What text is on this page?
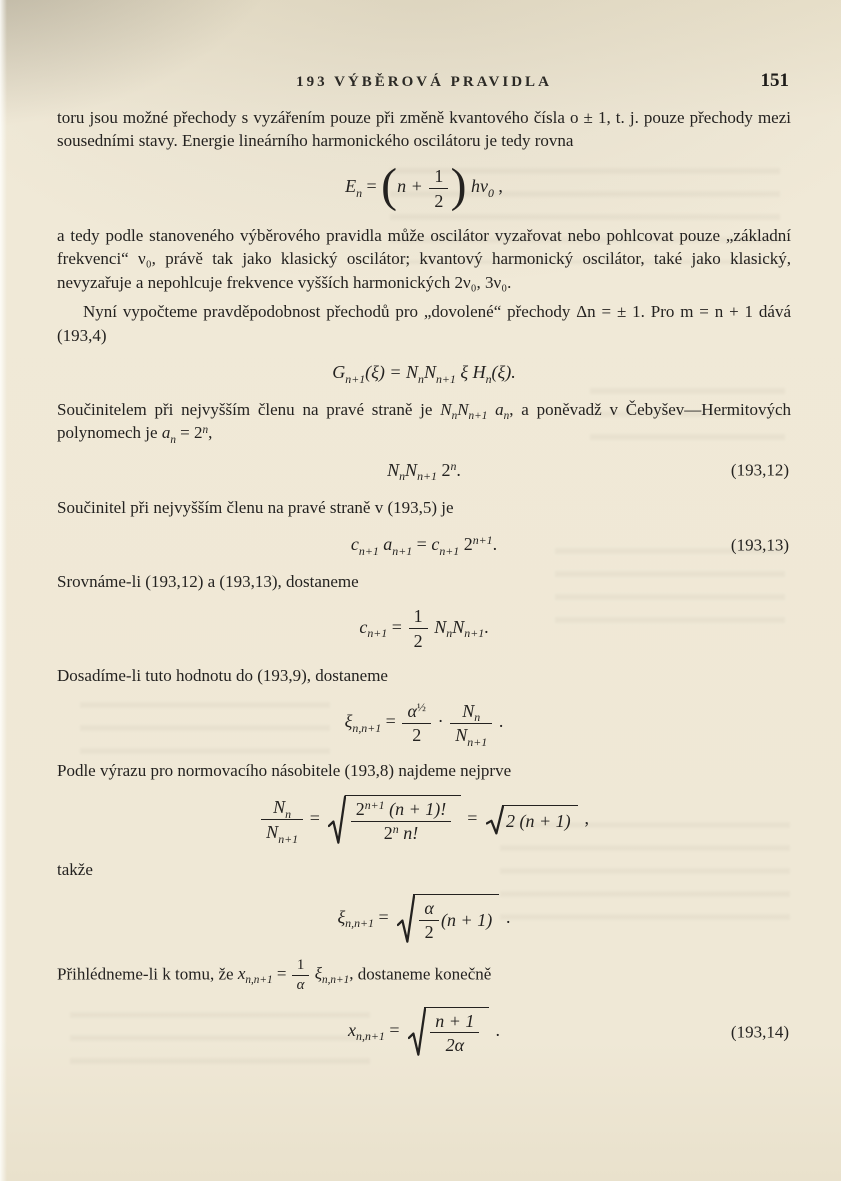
193 VÝBĚROVÁ PRAVIDLA	151

toru jsou možné přechody s vyzářením pouze při změně kvantového čísla o ± 1, t. j. pouze přechody mezi sousedními stavy. Energie lineárního harmonického oscilátoru je tedy rovna

$E_n = (n + \frac{1}{2}$ ) $h\nu_0$ ,

a tedy podle stanoveného výběrového pravidla může oscilátor vyzařovat nebo pohlcovat pouze „základní frekvenci“ ν₀, právě tak jako klasický oscilátor; kvantový harmonický oscilátor, také jako klasický, nevyzařuje a nepohlcuje frekvence vyšších harmonických 2ν₀, 3ν₀.

Nyní vypočteme pravděpodobnost přechodů pro „dovolené“ přechody Δn = ± 1. Pro m = n + 1 dává (193,4)

$G_{n+1}(\xi) = N_nN_{n+1}$ ξ $H_n(\xi)$.

Součinitelem při nejvyšším členu na pravé straně je $N_nN_{n+1}$ $a_n$, a poněvadž v Čebyšev—Hermitových polynomech je $a_n = 2^n$,

$N_nN_{n+1}$ 2$^n$.	(193,12)

Součinitel při nejvyšším členu na pravé straně v (193,5) je

$c_{n+1}$ $a_{n+1} = c_{n+1}$ $2^{n+1}$.	(193,13)

Srovnáme-li (193,12) a (193,13), dostaneme

$c_{n+1} = \frac{1}{2} N_nN_{n+1}$.

Dosadíme-li tuto hodnotu do (193,9), dostaneme

$\xi_{n,n+1} = \frac{\alpha^{\frac{1}{2}}}{2} \cdot \frac{N_n}{N_{n+1}}$ .

Podle výrazu pro normovacího násobitele (193,8) najdeme nejprve

$\frac{N_n}{N_{n+1}} = \frac{2^{n+1} (n + 1)!}{2^n n!} = 2$ (n + 1) ,

takže

$\xi_{n,n+1} = \frac{\alpha}{2} (n + 1)$ .

Přihlédneme-li k tomu, že $x_{n,n+1} = \frac{1}{\alpha} \xi_{n,n+1}$, dostaneme konečně

$x_{n,n+1} = \frac{n + 1}{2\alpha}$ .	(193,14)
